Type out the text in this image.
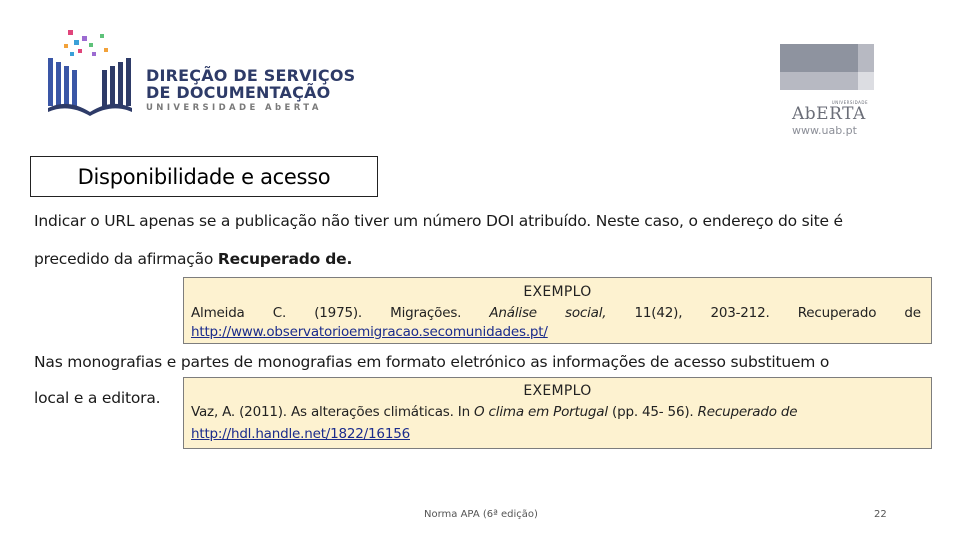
DIREÇÃO DE SERVIÇOS
DE DOCUMENTAÇÃO
UNIVERSIDADE AbERTA
UNIVERSIDADE
AbERTA
www.uab.pt
Disponibilidade e acesso
Indicar o URL apenas se a publicação não tiver um número DOI atribuído. Neste caso, o endereço do site é
precedido da afirmação Recuperado de.
EXEMPLO
Almeida C. (1975). Migrações. Análise social, 11(42), 203-212. Recuperado de
http://www.observatorioemigracao.secomunidades.pt/
Nas monografias e partes de monografias em formato eletrónico as informações de acesso substituem o
local e a editora.	EXEMPLO
Vaz, A. (2011). As alterações climáticas. In O clima em Portugal (pp. 45- 56). Recuperado de
http://hdl.handle.net/1822/16156
Norma APA (6ª edição)	22
